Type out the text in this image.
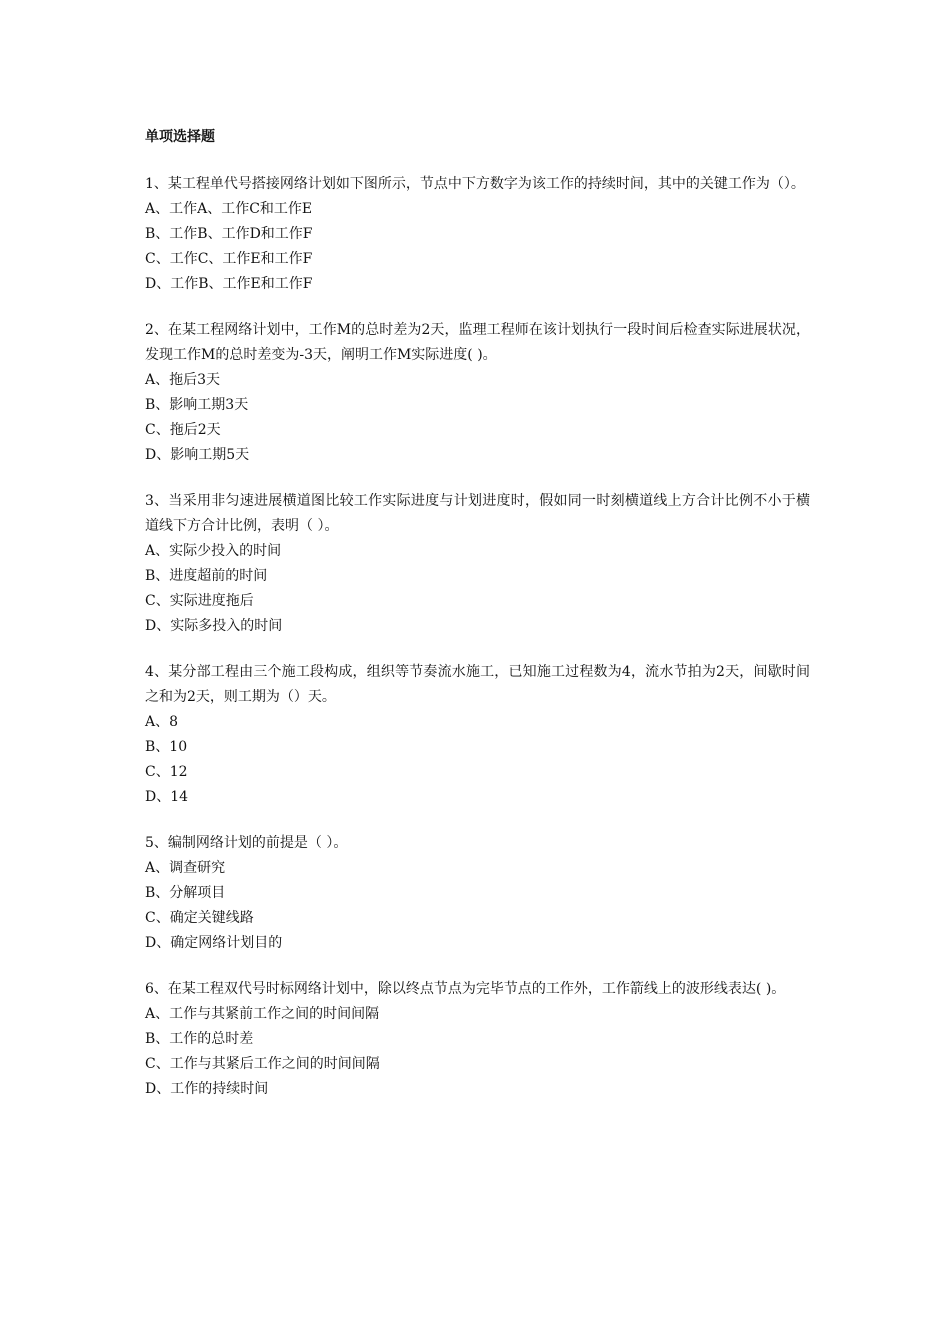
单项选择题

1、某工程单代号搭接网络计划如下图所示，节点中下方数字为该工作的持续时间，其中的关键工作为（）。

A、工作A、工作C和工作E
B、工作B、工作D和工作F
C、工作C、工作E和工作F
D、工作B、工作E和工作F

2、在某工程网络计划中，工作M的总时差为2天，监理工程师在该计划执行一段时间后检查实际进展状况，发现工作M的总时差变为-3天，阐明工作M实际进度( )。

A、拖后3天
B、影响工期3天
C、拖后2天
D、影响工期5天

3、当采用非匀速进展横道图比较工作实际进度与计划进度时，假如同一时刻横道线上方合计比例不小于横道线下方合计比例，表明（ ）。

A、实际少投入的时间
B、进度超前的时间
C、实际进度拖后
D、实际多投入的时间

4、某分部工程由三个施工段构成，组织等节奏流水施工，已知施工过程数为4，流水节拍为2天，间歇时间之和为2天，则工期为（）天。

A、8
B、10
C、12
D、14

5、编制网络计划的前提是（ ）。

A、调查研究
B、分解项目
C、确定关键线路
D、确定网络计划目的

6、在某工程双代号时标网络计划中，除以终点节点为完毕节点的工作外，工作箭线上的波形线表达( )。

A、工作与其紧前工作之间的时间间隔
B、工作的总时差
C、工作与其紧后工作之间的时间间隔
D、工作的持续时间
